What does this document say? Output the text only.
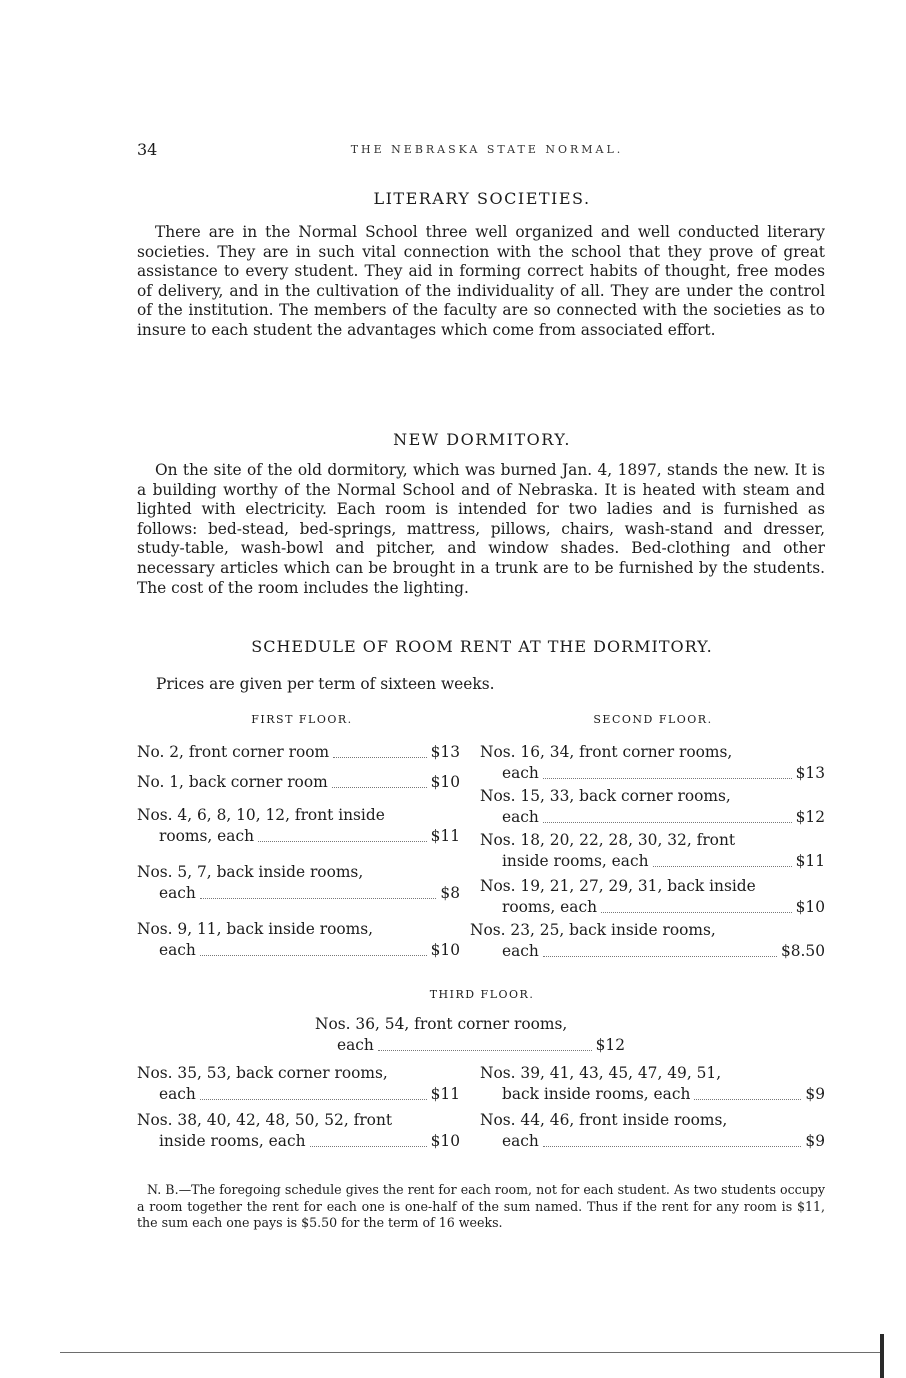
34	THE NEBRASKA STATE NORMAL.
LITERARY SOCIETIES.

There are in the Normal School three well organized and well conducted literary societies. They are in such vital connection with the school that they prove of great assistance to every student. They aid in forming correct habits of thought, free modes of delivery, and in the cultivation of the individuality of all. They are under the control of the institution. The members of the faculty are so connected with the societies as to insure to each student the advantages which come from associated effort.

NEW DORMITORY.

On the site of the old dormitory, which was burned Jan. 4, 1897, stands the new. It is a building worthy of the Normal School and of Nebraska. It is heated with steam and lighted with electricity. Each room is intended for two ladies and is furnished as follows: bed-stead, bed-springs, mattress, pillows, chairs, wash-stand and dresser, study-table, wash-bowl and pitcher, and window shades. Bed-clothing and other necessary articles which can be brought in a trunk are to be furnished by the students. The cost of the room includes the lighting.

SCHEDULE OF ROOM RENT AT THE DORMITORY.
Prices are given per term of sixteen weeks.
FIRST FLOOR.	SECOND FLOOR.
No. 2, front corner room	$13
No. 1, back corner room	$10
Nos. 4, 6, 8, 10, 12, front inside
rooms, each	$11
Nos. 5, 7, back inside rooms,
each	$8
Nos. 9, 11, back inside rooms,
each	$10
Nos. 16, 34, front corner rooms,
each	$13
Nos. 15, 33, back corner rooms,
each	$12
Nos. 18, 20, 22, 28, 30, 32, front
inside rooms, each	$11
Nos. 19, 21, 27, 29, 31, back inside
rooms, each	$10
Nos. 23, 25, back inside rooms,
each	$8.50
THIRD FLOOR.
Nos. 36, 54, front corner rooms,
each	$12
Nos. 35, 53, back corner rooms,
each	$11
Nos. 38, 40, 42, 48, 50, 52, front
inside rooms, each	$10
Nos. 39, 41, 43, 45, 47, 49, 51,
back inside rooms, each	$9
Nos. 44, 46, front inside rooms,
each	$9

N. B.—The foregoing schedule gives the rent for each room, not for each student. As two students occupy a room together the rent for each one is one-half of the sum named. Thus if the rent for any room is $11, the sum each one pays is $5.50 for the term of 16 weeks.
